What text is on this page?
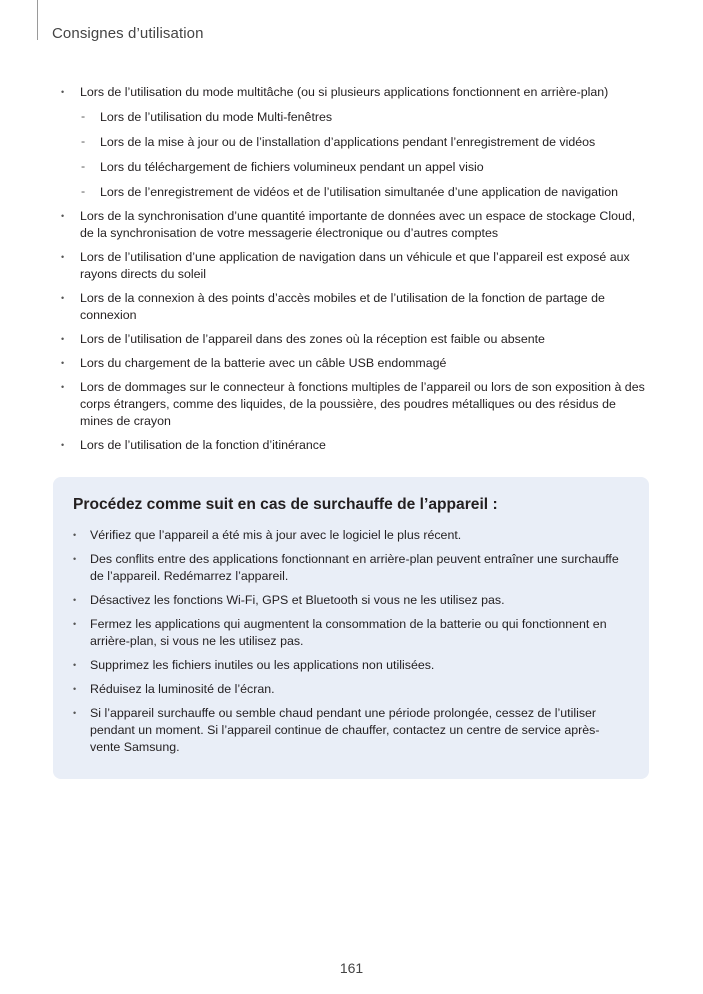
Consignes d’utilisation
• Lors de l’utilisation du mode multitâche (ou si plusieurs applications fonctionnent en arrière-plan)
- Lors de l’utilisation du mode Multi-fenêtres
- Lors de la mise à jour ou de l’installation d’applications pendant l’enregistrement de vidéos
- Lors du téléchargement de fichiers volumineux pendant un appel visio
- Lors de l’enregistrement de vidéos et de l’utilisation simultanée d’une application de navigation
• Lors de la synchronisation d’une quantité importante de données avec un espace de stockage Cloud, de la synchronisation de votre messagerie électronique ou d’autres comptes
• Lors de l’utilisation d’une application de navigation dans un véhicule et que l’appareil est exposé aux rayons directs du soleil
• Lors de la connexion à des points d’accès mobiles et de l’utilisation de la fonction de partage de connexion
• Lors de l’utilisation de l’appareil dans des zones où la réception est faible ou absente
• Lors du chargement de la batterie avec un câble USB endommagé
• Lors de dommages sur le connecteur à fonctions multiples de l’appareil ou lors de son exposition à des corps étrangers, comme des liquides, de la poussière, des poudres métalliques ou des résidus de mines de crayon
• Lors de l’utilisation de la fonction d’itinérance
Procédez comme suit en cas de surchauffe de l’appareil :
• Vérifiez que l’appareil a été mis à jour avec le logiciel le plus récent.
• Des conflits entre des applications fonctionnant en arrière-plan peuvent entraîner une surchauffe de l’appareil. Redémarrez l’appareil.
• Désactivez les fonctions Wi-Fi, GPS et Bluetooth si vous ne les utilisez pas.
• Fermez les applications qui augmentent la consommation de la batterie ou qui fonctionnent en arrière-plan, si vous ne les utilisez pas.
• Supprimez les fichiers inutiles ou les applications non utilisées.
• Réduisez la luminosité de l’écran.
• Si l’appareil surchauffe ou semble chaud pendant une période prolongée, cessez de l’utiliser pendant un moment. Si l’appareil continue de chauffer, contactez un centre de service après-vente Samsung.
161
